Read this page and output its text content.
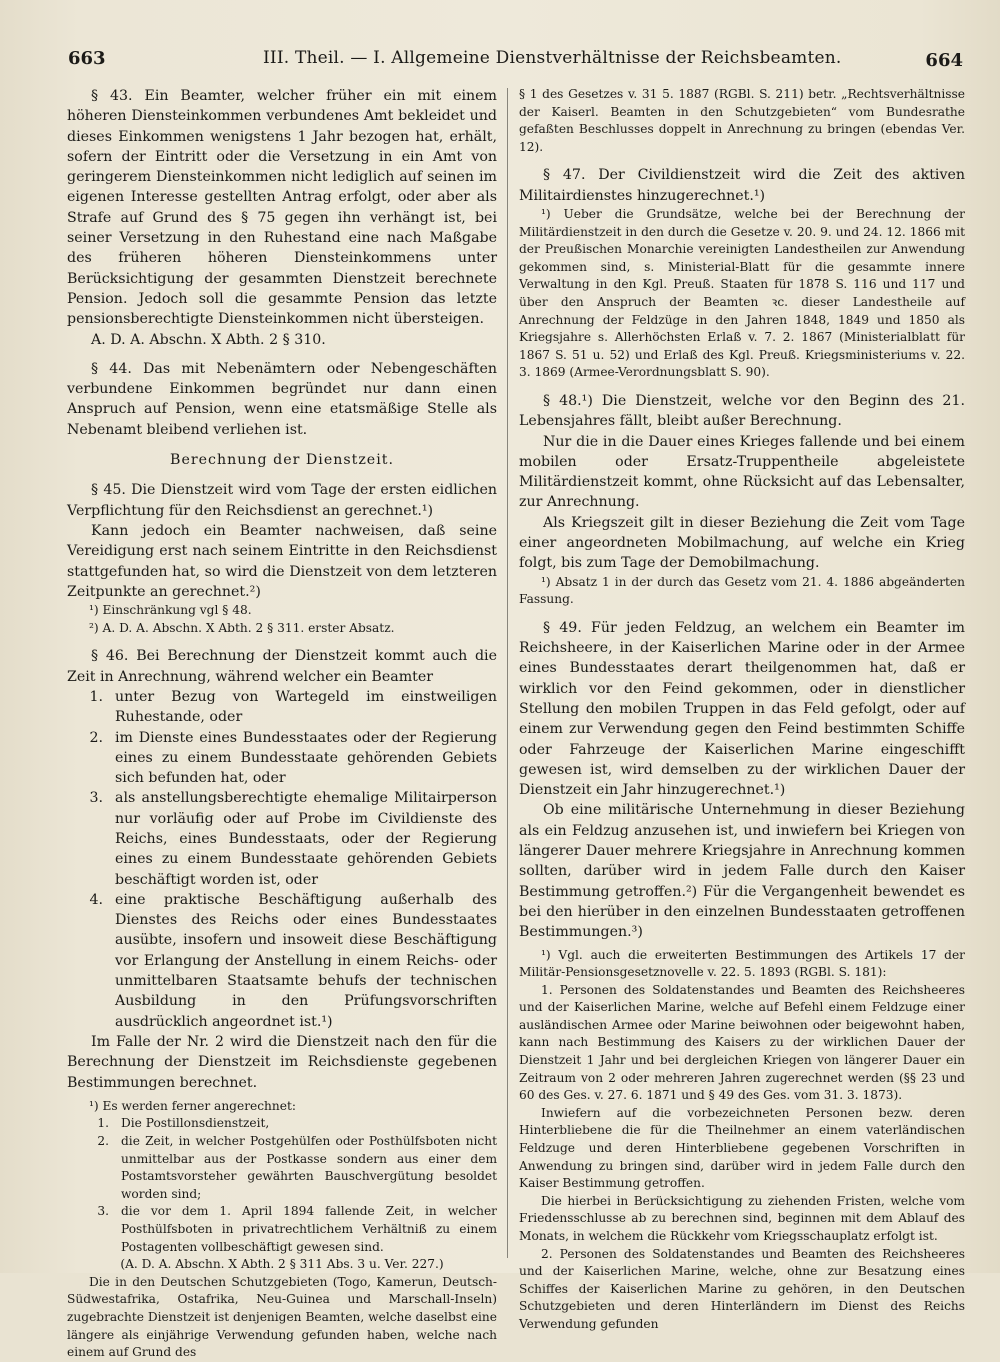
663	III. Theil. — I. Allgemeine Dienstverhältnisse der Reichsbeamten.	664

§ 43. Ein Beamter, welcher früher ein mit einem höheren Diensteinkommen verbundenes Amt bekleidet und dieses Einkommen wenigstens 1 Jahr bezogen hat, erhält, sofern der Eintritt oder die Versetzung in ein Amt von geringerem Diensteinkommen nicht lediglich auf seinen im eigenen Interesse gestellten Antrag erfolgt, oder aber als Strafe auf Grund des § 75 gegen ihn verhängt ist, bei seiner Versetzung in den Ruhestand eine nach Maßgabe des früheren höheren Diensteinkommens unter Berücksichtigung der gesammten Dienstzeit berechnete Pension. Jedoch soll die gesammte Pension das letzte pensionsberechtigte Diensteinkommen nicht übersteigen.

A. D. A. Abschn. X Abth. 2 § 310.

§ 44. Das mit Nebenämtern oder Nebengeschäften verbundene Einkommen begründet nur dann einen Anspruch auf Pension, wenn eine etatsmäßige Stelle als Nebenamt bleibend verliehen ist.

Berechnung der Dienstzeit.

§ 45. Die Dienstzeit wird vom Tage der ersten eidlichen Verpflichtung für den Reichsdienst an gerechnet.¹)

Kann jedoch ein Beamter nachweisen, daß seine Vereidigung erst nach seinem Eintritte in den Reichsdienst stattgefunden hat, so wird die Dienstzeit von dem letzteren Zeitpunkte an gerechnet.²)

¹) Einschränkung vgl § 48.

²) A. D. A. Abschn. X Abth. 2 § 311. erster Absatz.

§ 46. Bei Berechnung der Dienstzeit kommt auch die Zeit in Anrechnung, während welcher ein Beamter

1. unter Bezug von Wartegeld im einstweiligen Ruhestande, oder
2. im Dienste eines Bundesstaates oder der Regierung eines zu einem Bundesstaate gehörenden Gebiets sich befunden hat, oder
3. als anstellungsberechtigte ehemalige Militairperson nur vorläufig oder auf Probe im Civildienste des Reichs, eines Bundesstaats, oder der Regierung eines zu einem Bundesstaate gehörenden Gebiets beschäftigt worden ist, oder
4. eine praktische Beschäftigung außerhalb des Dienstes des Reichs oder eines Bundesstaates ausübte, insofern und insoweit diese Beschäftigung vor Erlangung der Anstellung in einem Reichs- oder unmittelbaren Staatsamte behufs der technischen Ausbildung in den Prüfungsvorschriften ausdrücklich angeordnet ist.¹)

Im Falle der Nr. 2 wird die Dienstzeit nach den für die Berechnung der Dienstzeit im Reichsdienste gegebenen Bestimmungen berechnet.

¹) Es werden ferner angerechnet:

1. Die Postillonsdienstzeit,
2. die Zeit, in welcher Postgehülfen oder Posthülfsboten nicht unmittelbar aus der Postkasse sondern aus einer dem Postamtsvorsteher gewährten Bauschvergütung besoldet worden sind;
3. die vor dem 1. April 1894 fallende Zeit, in welcher Posthülfsboten in privatrechtlichem Verhältniß zu einem Postagenten vollbeschäftigt gewesen sind.

(A. D. A. Abschn. X Abth. 2 § 311 Abs. 3 u. Ver. 227.)

Die in den Deutschen Schutzgebieten (Togo, Kamerun, Deutsch-Südwestafrika, Ostafrika, Neu-Guinea und Marschall-Inseln) zugebrachte Dienstzeit ist denjenigen Beamten, welche daselbst eine längere als einjährige Verwendung gefunden haben, welche nach einem auf Grund des

§ 1 des Gesetzes v. 31 5. 1887 (RGBl. S. 211) betr. „Rechtsverhältnisse der Kaiserl. Beamten in den Schutzgebieten“ vom Bundesrathe gefaßten Beschlusses doppelt in Anrechnung zu bringen (ebendas Ver. 12).

§ 47. Der Civildienstzeit wird die Zeit des aktiven Militairdienstes hinzugerechnet.¹)

¹) Ueber die Grundsätze, welche bei der Berechnung der Militärdienstzeit in den durch die Gesetze v. 20. 9. und 24. 12. 1866 mit der Preußischen Monarchie vereinigten Landestheilen zur Anwendung gekommen sind, s. Ministerial-Blatt für die gesammte innere Verwaltung in den Kgl. Preuß. Staaten für 1878 S. 116 und 117 und über den Anspruch der Beamten ꝛc. dieser Landestheile auf Anrechnung der Feldzüge in den Jahren 1848, 1849 und 1850 als Kriegsjahre s. Allerhöchsten Erlaß v. 7. 2. 1867 (Ministerialblatt für 1867 S. 51 u. 52) und Erlaß des Kgl. Preuß. Kriegsministeriums v. 22. 3. 1869 (Armee-Verordnungsblatt S. 90).

§ 48.¹) Die Dienstzeit, welche vor den Beginn des 21. Lebensjahres fällt, bleibt außer Berechnung.

Nur die in die Dauer eines Krieges fallende und bei einem mobilen oder Ersatz-Truppentheile abgeleistete Militärdienstzeit kommt, ohne Rücksicht auf das Lebensalter, zur Anrechnung.

Als Kriegszeit gilt in dieser Beziehung die Zeit vom Tage einer angeordneten Mobilmachung, auf welche ein Krieg folgt, bis zum Tage der Demobilmachung.

¹) Absatz 1 in der durch das Gesetz vom 21. 4. 1886 abgeänderten Fassung.

§ 49. Für jeden Feldzug, an welchem ein Beamter im Reichsheere, in der Kaiserlichen Marine oder in der Armee eines Bundesstaates derart theilgenommen hat, daß er wirklich vor den Feind gekommen, oder in dienstlicher Stellung den mobilen Truppen in das Feld gefolgt, oder auf einem zur Verwendung gegen den Feind bestimmten Schiffe oder Fahrzeuge der Kaiserlichen Marine eingeschifft gewesen ist, wird demselben zu der wirklichen Dauer der Dienstzeit ein Jahr hinzugerechnet.¹)

Ob eine militärische Unternehmung in dieser Beziehung als ein Feldzug anzusehen ist, und inwiefern bei Kriegen von längerer Dauer mehrere Kriegsjahre in Anrechnung kommen sollten, darüber wird in jedem Falle durch den Kaiser Bestimmung getroffen.²) Für die Vergangenheit bewendet es bei den hierüber in den einzelnen Bundesstaaten getroffenen Bestimmungen.³)

¹) Vgl. auch die erweiterten Bestimmungen des Artikels 17 der Militär-Pensionsgesetznovelle v. 22. 5. 1893 (RGBl. S. 181):

1. Personen des Soldatenstandes und Beamten des Reichsheeres und der Kaiserlichen Marine, welche auf Befehl einem Feldzuge einer ausländischen Armee oder Marine beiwohnen oder beigewohnt haben, kann nach Bestimmung des Kaisers zu der wirklichen Dauer der Dienstzeit 1 Jahr und bei dergleichen Kriegen von längerer Dauer ein Zeitraum von 2 oder mehreren Jahren zugerechnet werden (§§ 23 und 60 des Ges. v. 27. 6. 1871 und § 49 des Ges. vom 31. 3. 1873).

Inwiefern auf die vorbezeichneten Personen bezw. deren Hinterbliebene die für die Theilnehmer an einem vaterländischen Feldzuge und deren Hinterbliebene gegebenen Vorschriften in Anwendung zu bringen sind, darüber wird in jedem Falle durch den Kaiser Bestimmung getroffen.

Die hierbei in Berücksichtigung zu ziehenden Fristen, welche vom Friedensschlusse ab zu berechnen sind, beginnen mit dem Ablauf des Monats, in welchem die Rückkehr vom Kriegsschauplatz erfolgt ist.

2. Personen des Soldatenstandes und Beamten des Reichsheeres und der Kaiserlichen Marine, welche, ohne zur Besatzung eines Schiffes der Kaiserlichen Marine zu gehören, in den Deutschen Schutzgebieten und deren Hinterländern im Dienst des Reichs Verwendung gefunden
